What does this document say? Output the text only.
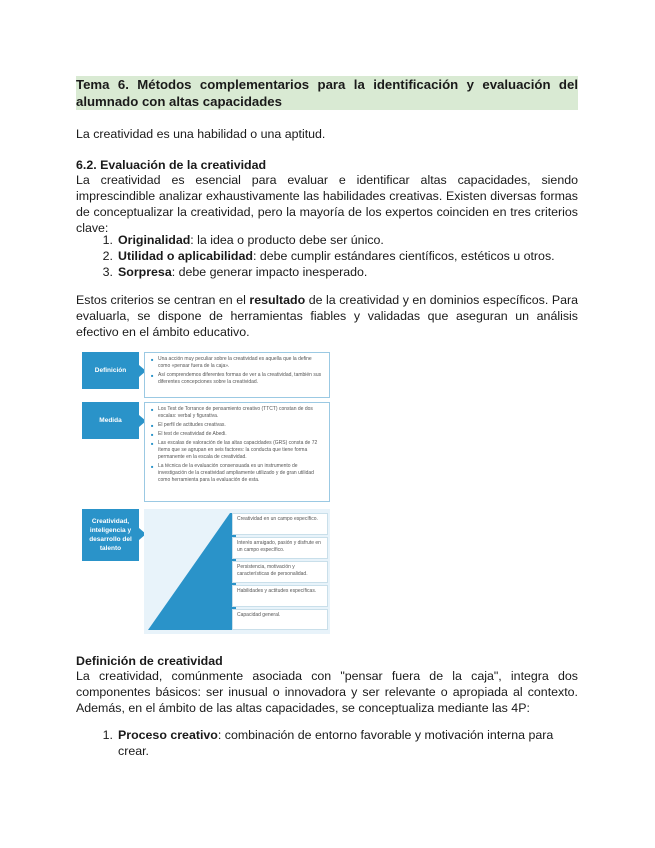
Tema 6. Métodos complementarios para la identificación y evaluación del alumnado con altas capacidades
La creatividad es una habilidad o una aptitud.
6.2. Evaluación de la creatividad
La creatividad es esencial para evaluar e identificar altas capacidades, siendo imprescindible analizar exhaustivamente las habilidades creativas. Existen diversas formas de conceptualizar la creatividad, pero la mayoría de los expertos coinciden en tres criterios clave:
1. Originalidad: la idea o producto debe ser único.
2. Utilidad o aplicabilidad: debe cumplir estándares científicos, estéticos u otros.
3. Sorpresa: debe generar impacto inesperado.
Estos criterios se centran en el resultado de la creatividad y en dominios específicos. Para evaluarla, se dispone de herramientas fiables y validadas que aseguran un análisis efectivo en el ámbito educativo.
Definición de creatividad
La creatividad, comúnmente asociada con "pensar fuera de la caja", integra dos componentes básicos: ser inusual o innovadora y ser relevante o apropiada al contexto. Además, en el ámbito de las altas capacidades, se conceptualiza mediante las 4P:
1. Proceso creativo: combinación de entorno favorable y motivación interna para crear.
Definición
■ Una acción muy peculiar sobre la creatividad es aquella que la define como «pensar fuera de la caja».
■ Así comprendemos diferentes formas de ver a la creatividad, también sus diferentes concepciones sobre la creatividad.
Medida
■ Los Test de Torrance de pensamiento creativo (TTCT) constan de dos escalas: verbal y figurativa.
■ El perfil de actitudes creativas.
■ El test de creatividad de Abedi.
■ Las escalas de valoración de las altas capacidades (GRS) consta de 72 ítems que se agrupan en seis factores: la conducta que tiene forma permanente en la escala de creatividad.
■ La técnica de la evaluación consensuada es un instrumento de investigación de la creatividad ampliamente utilizado y de gran utilidad como herramienta para la evaluación de esta.
Creatividad, inteligencia y desarrollo del talento
Creatividad en un campo específico.
Interés arraigado, pasión y disfrute en un campo específico.
Persistencia, motivación y características de personalidad.
Habilidades y actitudes específicas.
Capacidad general.
